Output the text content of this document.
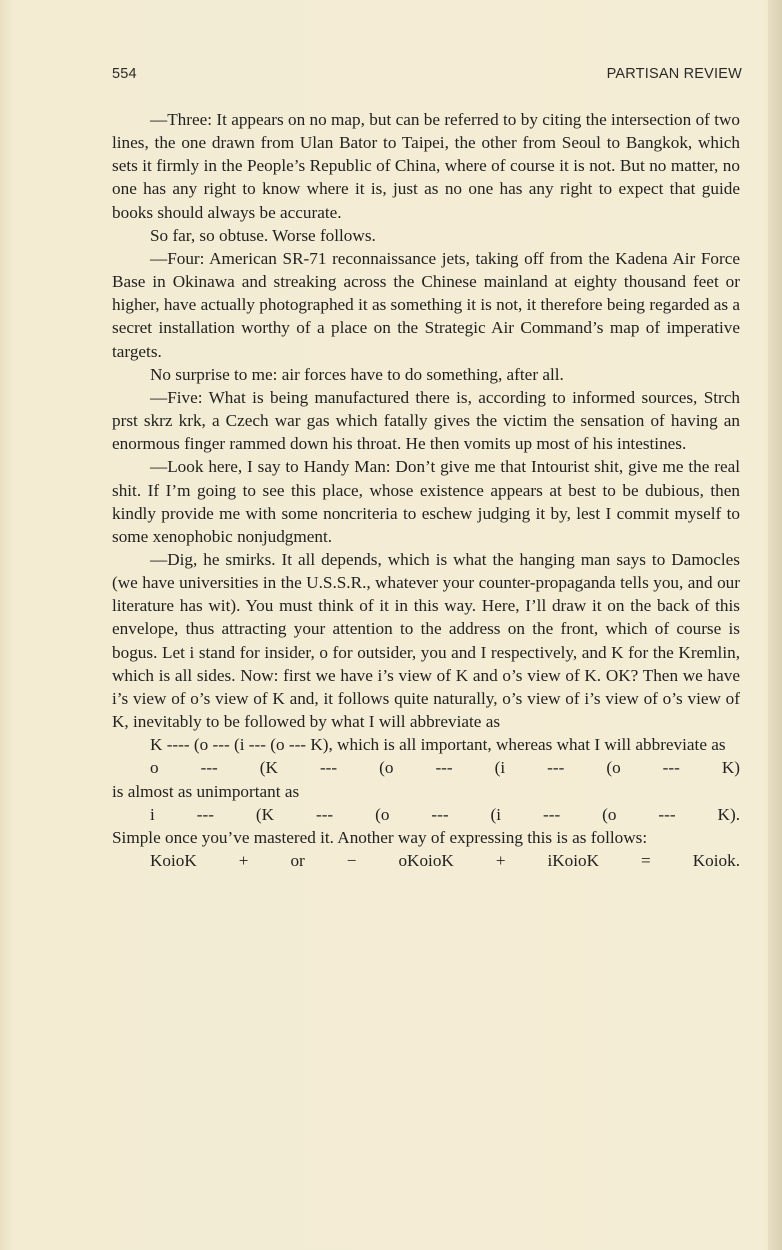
554	PARTISAN REVIEW

—Three: It appears on no map, but can be referred to by citing the intersection of two lines, the one drawn from Ulan Bator to Taipei, the other from Seoul to Bangkok, which sets it firmly in the People’s Republic of China, where of course it is not. But no matter, no one has any right to know where it is, just as no one has any right to expect that guide books should always be accurate.

So far, so obtuse. Worse follows.

—Four: American SR-71 reconnaissance jets, taking off from the Kadena Air Force Base in Okinawa and streaking across the Chinese mainland at eighty thousand feet or higher, have actually photographed it as something it is not, it therefore being regarded as a secret installation worthy of a place on the Strategic Air Command’s map of imperative targets.

No surprise to me: air forces have to do something, after all.

—Five: What is being manufactured there is, according to informed sources, Strch prst skrz krk, a Czech war gas which fatally gives the victim the sensation of having an enormous finger rammed down his throat. He then vomits up most of his intestines.

—Look here, I say to Handy Man: Don’t give me that Intourist shit, give me the real shit. If I’m going to see this place, whose existence appears at best to be dubious, then kindly provide me with some noncriteria to eschew judging it by, lest I commit myself to some xenophobic nonjudgment.

—Dig, he smirks. It all depends, which is what the hanging man says to Damocles (we have universities in the U.S.S.R., whatever your counter-propaganda tells you, and our literature has wit). You must think of it in this way. Here, I’ll draw it on the back of this envelope, thus attracting your attention to the address on the front, which of course is bogus. Let i stand for insider, o for outsider, you and I respectively, and K for the Kremlin, which is all sides. Now: first we have i’s view of K and o’s view of K. OK? Then we have i’s view of o’s view of K and, it follows quite naturally, o’s view of i’s view of o’s view of K, inevitably to be followed by what I will abbreviate as

K ---- (o --- (i --- (o --- K), which is all important, whereas what I will abbreviate as

o --- (K --- (o --- (i --- (o --- K)

is almost as unimportant as

i --- (K --- (o --- (i --- (o --- K).

Simple once you’ve mastered it. Another way of expressing this is as follows:

KoioK + or − oKoioK + iKoioK = Koiok.
